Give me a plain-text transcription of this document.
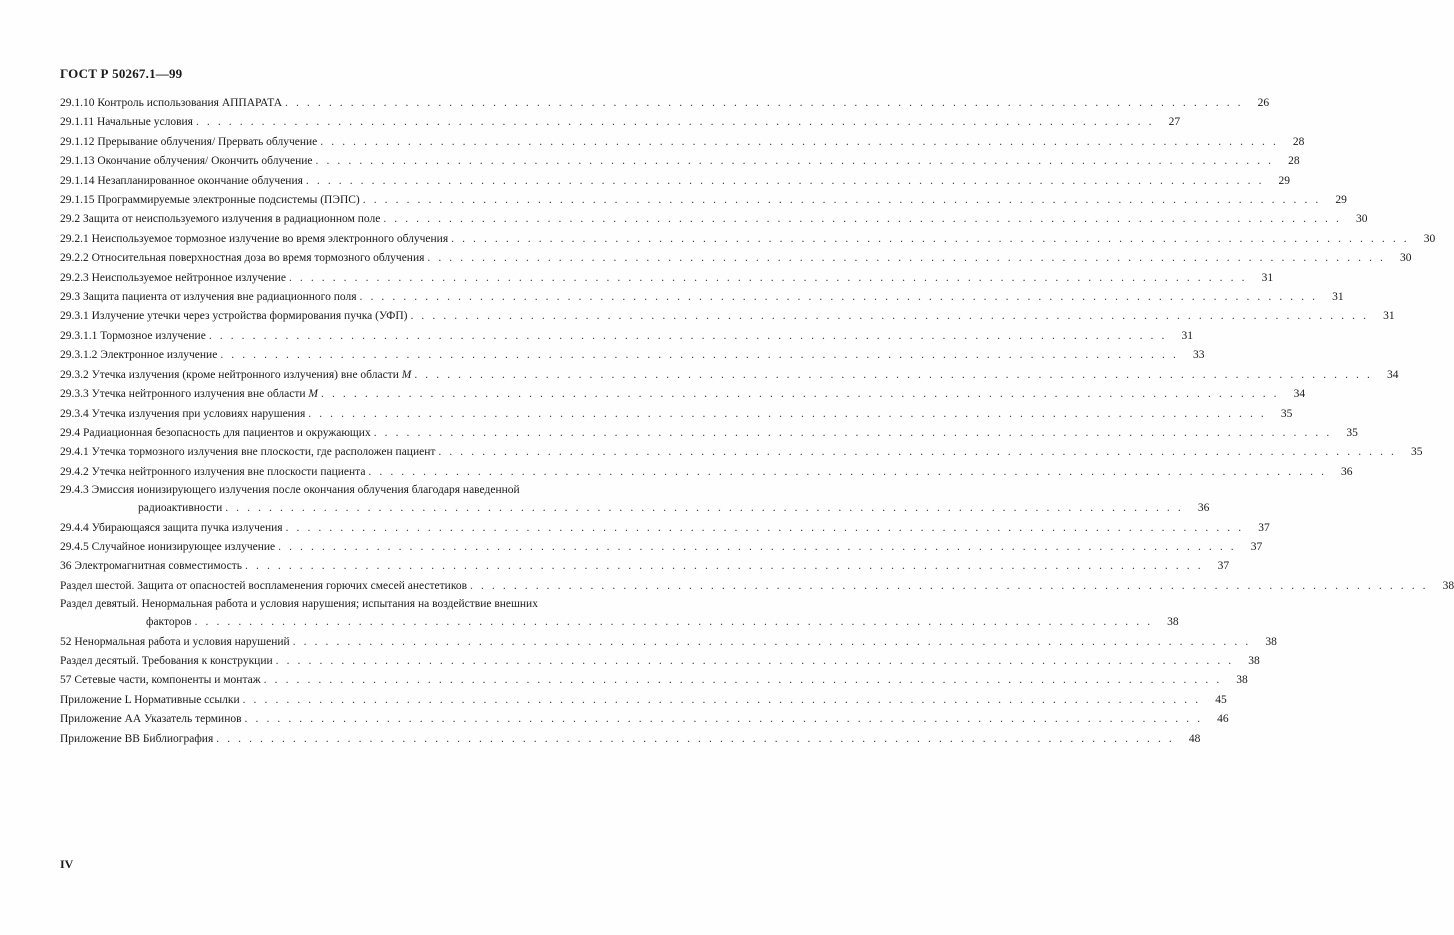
ГОСТ Р 50267.1—99
29.1.10 Контроль использования АППАРАТА . . . . . . . . . . . . . . . . . . . . . . . . . . . . . . . . . . . . . . . . . . . . . . . . . . . . . . . . . . . . . . . . . . . . . . . . . . . . . . . . . . . . . . . .	26
29.1.11 Начальные условия . . . . . . . . . . . . . . . . . . . . . . . . . . . . . . . . . . . . . . . . . . . . . . . . . . . . . . . . . . . . . . . . . . . . . . . . . . . . . . . . . . . . . . . .	27
29.1.12 Прерывание облучения/ Прервать облучение . . . . . . . . . . . . . . . . . . . . . . . . . . . . . . . . . . . . . . . . . . . . . . . . . . . . . . . . . . . . . . . . . . . . . . . . . . . . . . . . . . . . . . . .	28
29.1.13 Окончание облучения/ Окончить облучение . . . . . . . . . . . . . . . . . . . . . . . . . . . . . . . . . . . . . . . . . . . . . . . . . . . . . . . . . . . . . . . . . . . . . . . . . . . . . . . . . . . . . . . .	28
29.1.14 Незапланированное окончание облучения . . . . . . . . . . . . . . . . . . . . . . . . . . . . . . . . . . . . . . . . . . . . . . . . . . . . . . . . . . . . . . . . . . . . . . . . . . . . . . . . . . . . . . . .	29
29.1.15 Программируемые электронные подсистемы (ПЭПС) . . . . . . . . . . . . . . . . . . . . . . . . . . . . . . . . . . . . . . . . . . . . . . . . . . . . . . . . . . . . . . . . . . . . . . . . . . . . . . . . . . . . . . . .	29
29.2 Защита от неиспользуемого излучения в радиационном поле . . . . . . . . . . . . . . . . . . . . . . . . . . . . . . . . . . . . . . . . . . . . . . . . . . . . . . . . . . . . . . . . . . . . . . . . . . . . . . . . . . . . . . . .	30
29.2.1 Неиспользуемое тормозное излучение во время электронного облучения . . . . . . . . . . . . . . . . . . . . . . . . . . . . . . . . . . . . . . . . . . . . . . . . . . . . . . . . . . . . . . . . . . . . . . . . . . . . . . . . . . . . . . . .	30
29.2.2 Относительная поверхностная доза во время тормозного облучения . . . . . . . . . . . . . . . . . . . . . . . . . . . . . . . . . . . . . . . . . . . . . . . . . . . . . . . . . . . . . . . . . . . . . . . . . . . . . . . . . . . . . . . .	30
29.2.3 Неиспользуемое нейтронное излучение . . . . . . . . . . . . . . . . . . . . . . . . . . . . . . . . . . . . . . . . . . . . . . . . . . . . . . . . . . . . . . . . . . . . . . . . . . . . . . . . . . . . . . . .	31
29.3 Защита пациента от излучения вне радиационного поля . . . . . . . . . . . . . . . . . . . . . . . . . . . . . . . . . . . . . . . . . . . . . . . . . . . . . . . . . . . . . . . . . . . . . . . . . . . . . . . . . . . . . . . .	31
29.3.1 Излучение утечки через устройства формирования пучка (УФП) . . . . . . . . . . . . . . . . . . . . . . . . . . . . . . . . . . . . . . . . . . . . . . . . . . . . . . . . . . . . . . . . . . . . . . . . . . . . . . . . . . . . . . . .	31
29.3.1.1 Тормозное излучение . . . . . . . . . . . . . . . . . . . . . . . . . . . . . . . . . . . . . . . . . . . . . . . . . . . . . . . . . . . . . . . . . . . . . . . . . . . . . . . . . . . . . . . .	31
29.3.1.2 Электронное излучение . . . . . . . . . . . . . . . . . . . . . . . . . . . . . . . . . . . . . . . . . . . . . . . . . . . . . . . . . . . . . . . . . . . . . . . . . . . . . . . . . . . . . . . .	33
29.3.2 Утечка излучения (кроме нейтронного излучения) вне области M . . . . . . . . . . . . . . . . . . . . . . . . . . . . . . . . . . . . . . . . . . . . . . . . . . . . . . . . . . . . . . . . . . . . . . . . . . . . . . . . . . . . . . . .	34
29.3.3 Утечка нейтронного излучения вне области M . . . . . . . . . . . . . . . . . . . . . . . . . . . . . . . . . . . . . . . . . . . . . . . . . . . . . . . . . . . . . . . . . . . . . . . . . . . . . . . . . . . . . . . .	34
29.3.4 Утечка излучения при условиях нарушения . . . . . . . . . . . . . . . . . . . . . . . . . . . . . . . . . . . . . . . . . . . . . . . . . . . . . . . . . . . . . . . . . . . . . . . . . . . . . . . . . . . . . . . .	35
29.4 Радиационная безопасность для пациентов и окружающих . . . . . . . . . . . . . . . . . . . . . . . . . . . . . . . . . . . . . . . . . . . . . . . . . . . . . . . . . . . . . . . . . . . . . . . . . . . . . . . . . . . . . . . .	35
29.4.1 Утечка тормозного излучения вне плоскости, где расположен пациент . . . . . . . . . . . . . . . . . . . . . . . . . . . . . . . . . . . . . . . . . . . . . . . . . . . . . . . . . . . . . . . . . . . . . . . . . . . . . . . . . . . . . . . .	35
29.4.2 Утечка нейтронного излучения вне плоскости пациента . . . . . . . . . . . . . . . . . . . . . . . . . . . . . . . . . . . . . . . . . . . . . . . . . . . . . . . . . . . . . . . . . . . . . . . . . . . . . . . . . . . . . . . .	36
29.4.3 Эмиссия ионизирующего излучения после окончания облучения благодаря наведенной
радиоактивности . . . . . . . . . . . . . . . . . . . . . . . . . . . . . . . . . . . . . . . . . . . . . . . . . . . . . . . . . . . . . . . . . . . . . . . . . . . . . . . . . . . . . . . .	36
29.4.4 Убирающаяся защита пучка излучения . . . . . . . . . . . . . . . . . . . . . . . . . . . . . . . . . . . . . . . . . . . . . . . . . . . . . . . . . . . . . . . . . . . . . . . . . . . . . . . . . . . . . . . .	37
29.4.5 Случайное ионизирующее излучение . . . . . . . . . . . . . . . . . . . . . . . . . . . . . . . . . . . . . . . . . . . . . . . . . . . . . . . . . . . . . . . . . . . . . . . . . . . . . . . . . . . . . . . .	37
36 Электромагнитная совместимость . . . . . . . . . . . . . . . . . . . . . . . . . . . . . . . . . . . . . . . . . . . . . . . . . . . . . . . . . . . . . . . . . . . . . . . . . . . . . . . . . . . . . . . .	37
Раздел шестой. Защита от опасностей воспламенения горючих смесей анестетиков . . . . . . . . . . . . . . . . . . . . . . . . . . . . . . . . . . . . . . . . . . . . . . . . . . . . . . . . . . . . . . . . . . . . . . . . . . . . . . . . . . . . . . . .	38
Раздел девятый. Ненормальная работа и условия нарушения; испытания на воздействие внешних
факторов . . . . . . . . . . . . . . . . . . . . . . . . . . . . . . . . . . . . . . . . . . . . . . . . . . . . . . . . . . . . . . . . . . . . . . . . . . . . . . . . . . . . . . . .	38
52 Ненормальная работа и условия нарушений . . . . . . . . . . . . . . . . . . . . . . . . . . . . . . . . . . . . . . . . . . . . . . . . . . . . . . . . . . . . . . . . . . . . . . . . . . . . . . . . . . . . . . . .	38
Раздел десятый. Требования к конструкции . . . . . . . . . . . . . . . . . . . . . . . . . . . . . . . . . . . . . . . . . . . . . . . . . . . . . . . . . . . . . . . . . . . . . . . . . . . . . . . . . . . . . . . .	38
57 Сетевые части, компоненты и монтаж . . . . . . . . . . . . . . . . . . . . . . . . . . . . . . . . . . . . . . . . . . . . . . . . . . . . . . . . . . . . . . . . . . . . . . . . . . . . . . . . . . . . . . . .	38
Приложение L Нормативные ссылки . . . . . . . . . . . . . . . . . . . . . . . . . . . . . . . . . . . . . . . . . . . . . . . . . . . . . . . . . . . . . . . . . . . . . . . . . . . . . . . . . . . . . . . .	45
Приложение АА Указатель терминов . . . . . . . . . . . . . . . . . . . . . . . . . . . . . . . . . . . . . . . . . . . . . . . . . . . . . . . . . . . . . . . . . . . . . . . . . . . . . . . . . . . . . . . .	46
Приложение ВВ Библиография . . . . . . . . . . . . . . . . . . . . . . . . . . . . . . . . . . . . . . . . . . . . . . . . . . . . . . . . . . . . . . . . . . . . . . . . . . . . . . . . . . . . . . . .	48
IV
